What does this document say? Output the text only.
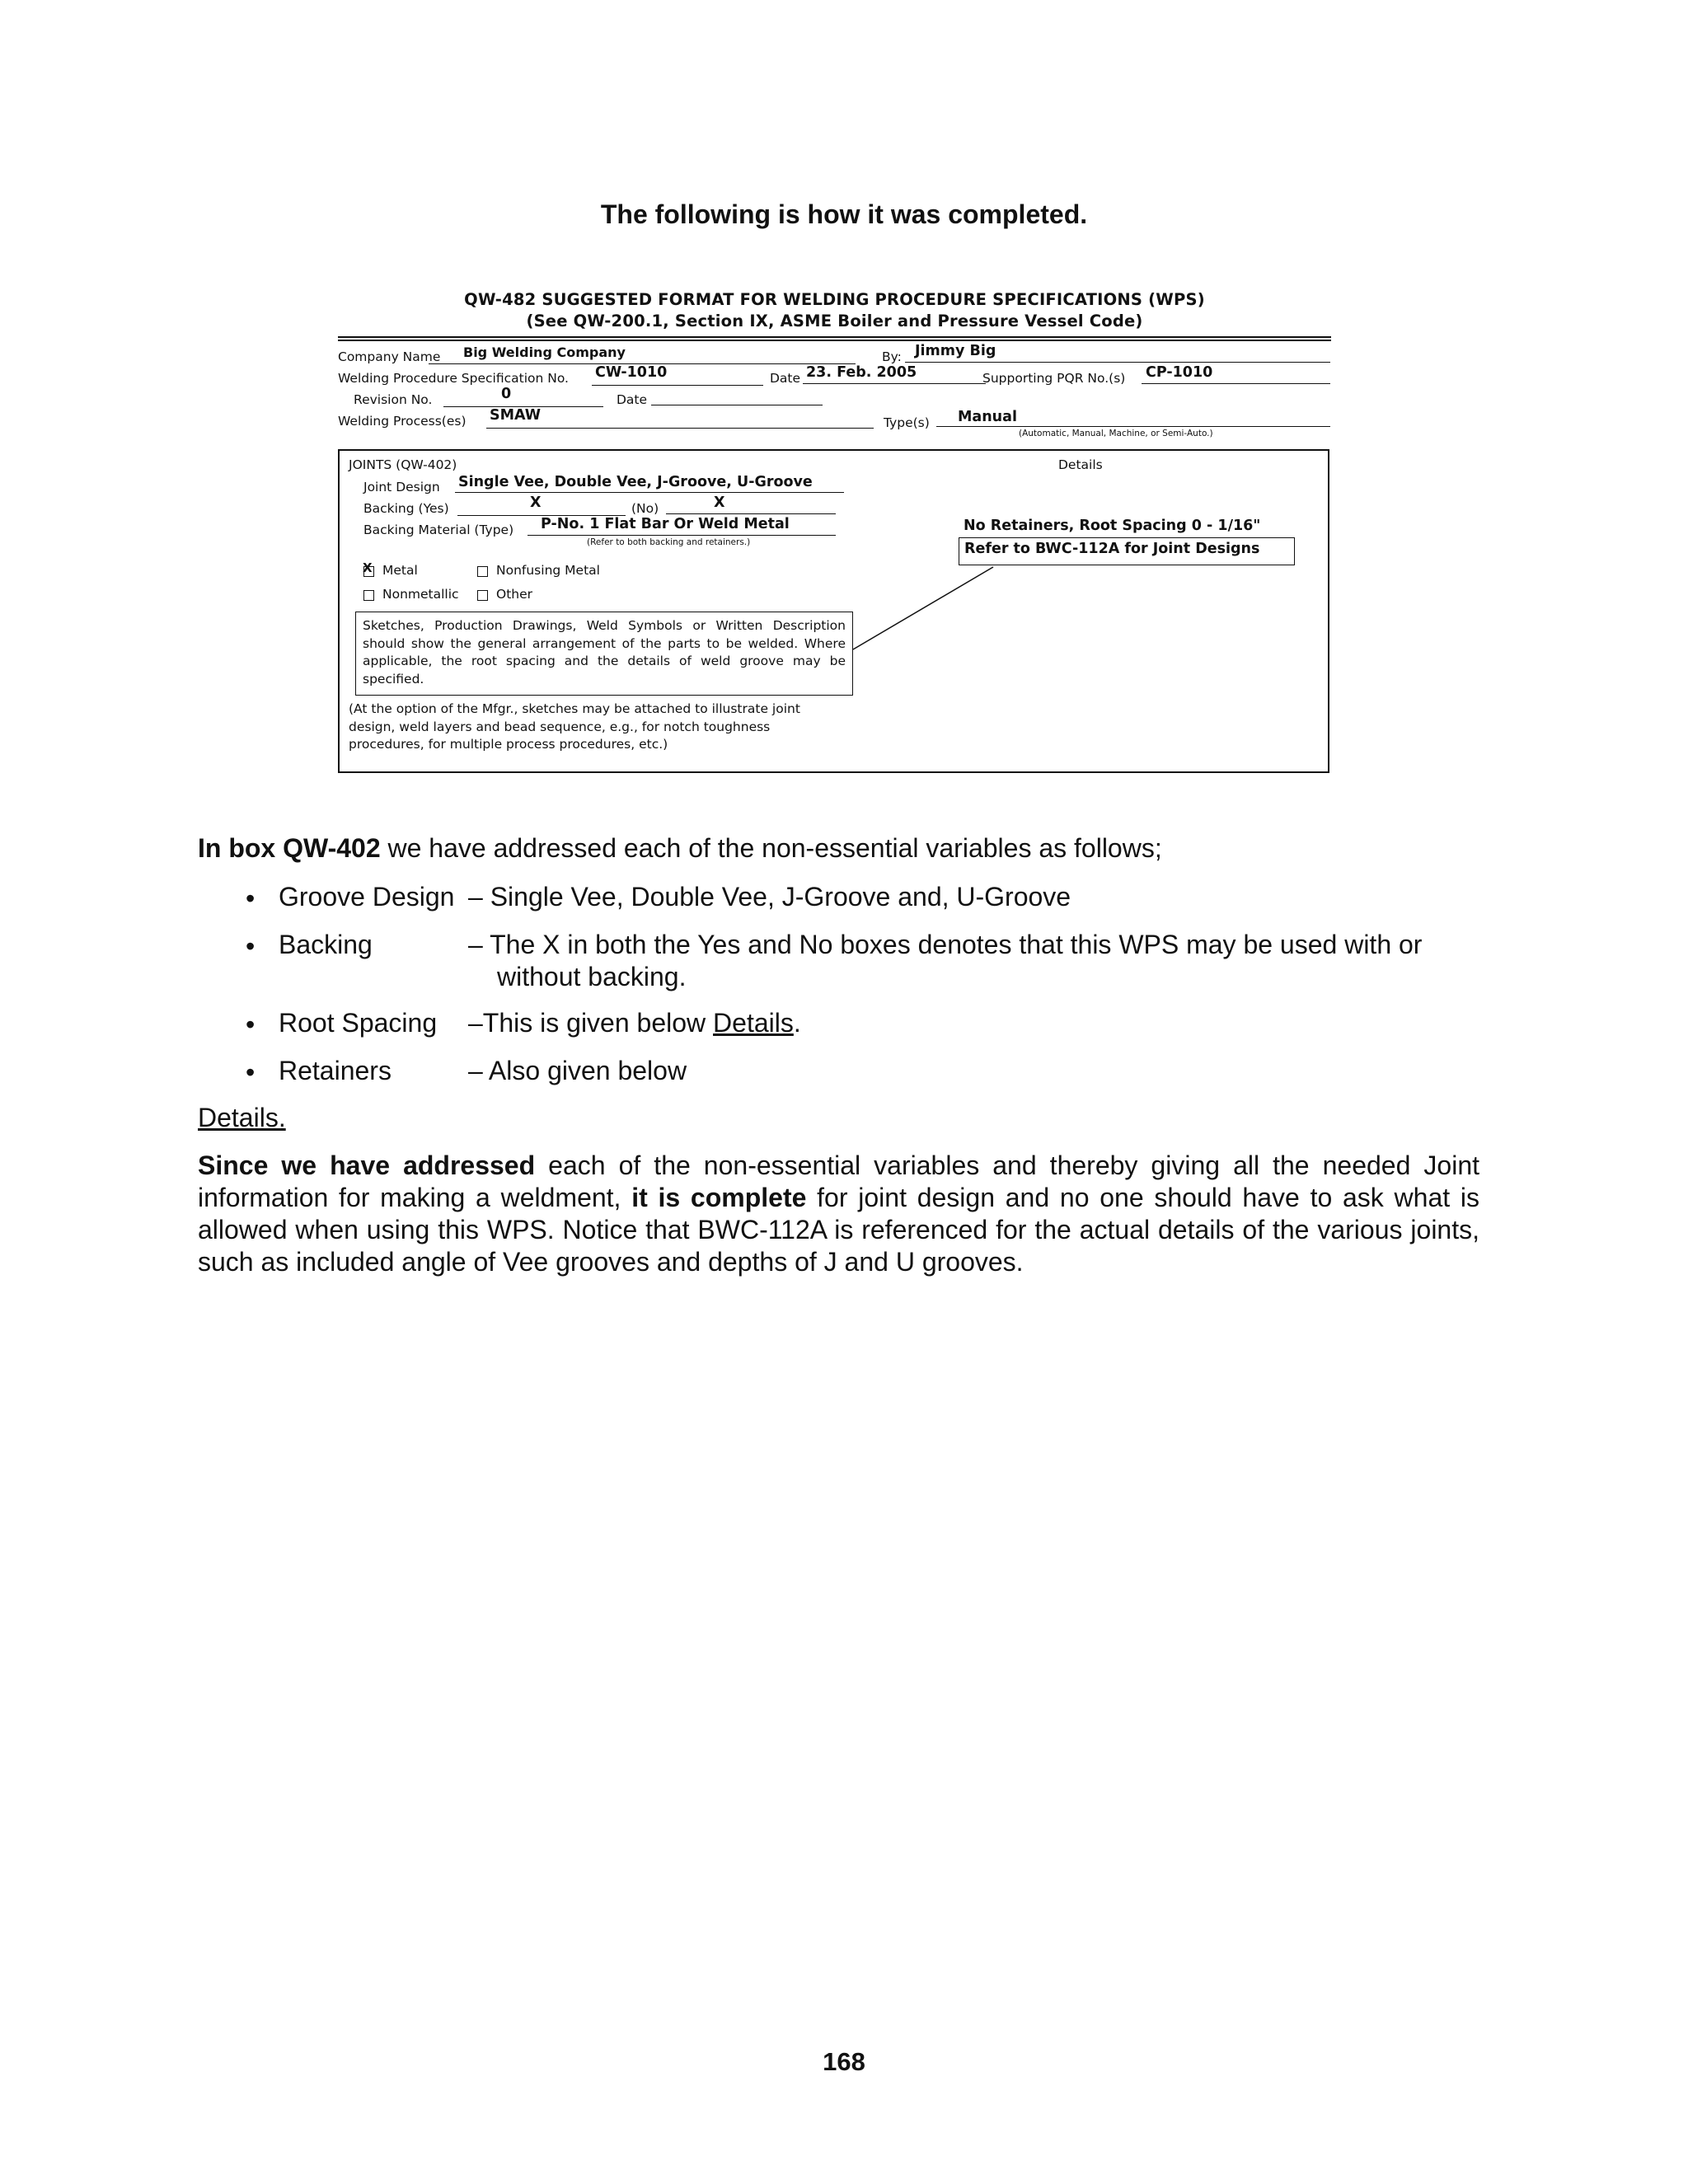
The following is how it was completed.
QW-482 SUGGESTED FORMAT FOR WELDING PROCEDURE SPECIFICATIONS (WPS)
(See QW-200.1, Section IX, ASME Boiler and Pressure Vessel Code)
Company Name Big Welding Company	By: Jimmy Big
Welding Procedure Specification No. CW-1010	Date 23. Feb. 2005	Supporting PQR No.(s) CP-1010
Revision No.	0	Date
Welding Process(es) SMAW	Type(s) Manual
(Automatic, Manual, Machine, or Semi-Auto.)
JOINTS (QW-402)	Details
Joint Design Single Vee, Double Vee, J-Groove, U-Groove
Backing (Yes)	X	(No)	X
Backing Material (Type) P-No. 1 Flat Bar Or Weld Metal
(Refer to both backing and retainers.)
No Retainers, Root Spacing 0 - 1/16"
Refer to BWC-112A for Joint Designs
X Metal	Nonfusing Metal
Nonmetallic	Other
Sketches, Production Drawings, Weld Symbols or Written Description should show the general arrangement of the parts to be welded. Where applicable, the root spacing and the details of weld groove may be specified.
(At the option of the Mfgr., sketches may be attached to illustrate joint design, weld layers and bead sequence, e.g., for notch toughness procedures, for multiple process procedures, etc.)
In box QW-402 we have addressed each of the non-essential variables as follows;
• Groove Design – Single Vee, Double Vee, J-Groove and, U-Groove
• Backing	– The X in both the Yes and No boxes denotes that this WPS may be used with or
without backing.
• Root Spacing –This is given below Details.
• Retainers	– Also given below
Details.
Since we have addressed each of the non-essential variables and thereby giving all the needed Joint information for making a weldment, it is complete for joint design and no one should have to ask what is allowed when using this WPS. Notice that BWC-112A is referenced for the actual details of the various joints, such as included angle of Vee grooves and depths of J and U grooves.
168
